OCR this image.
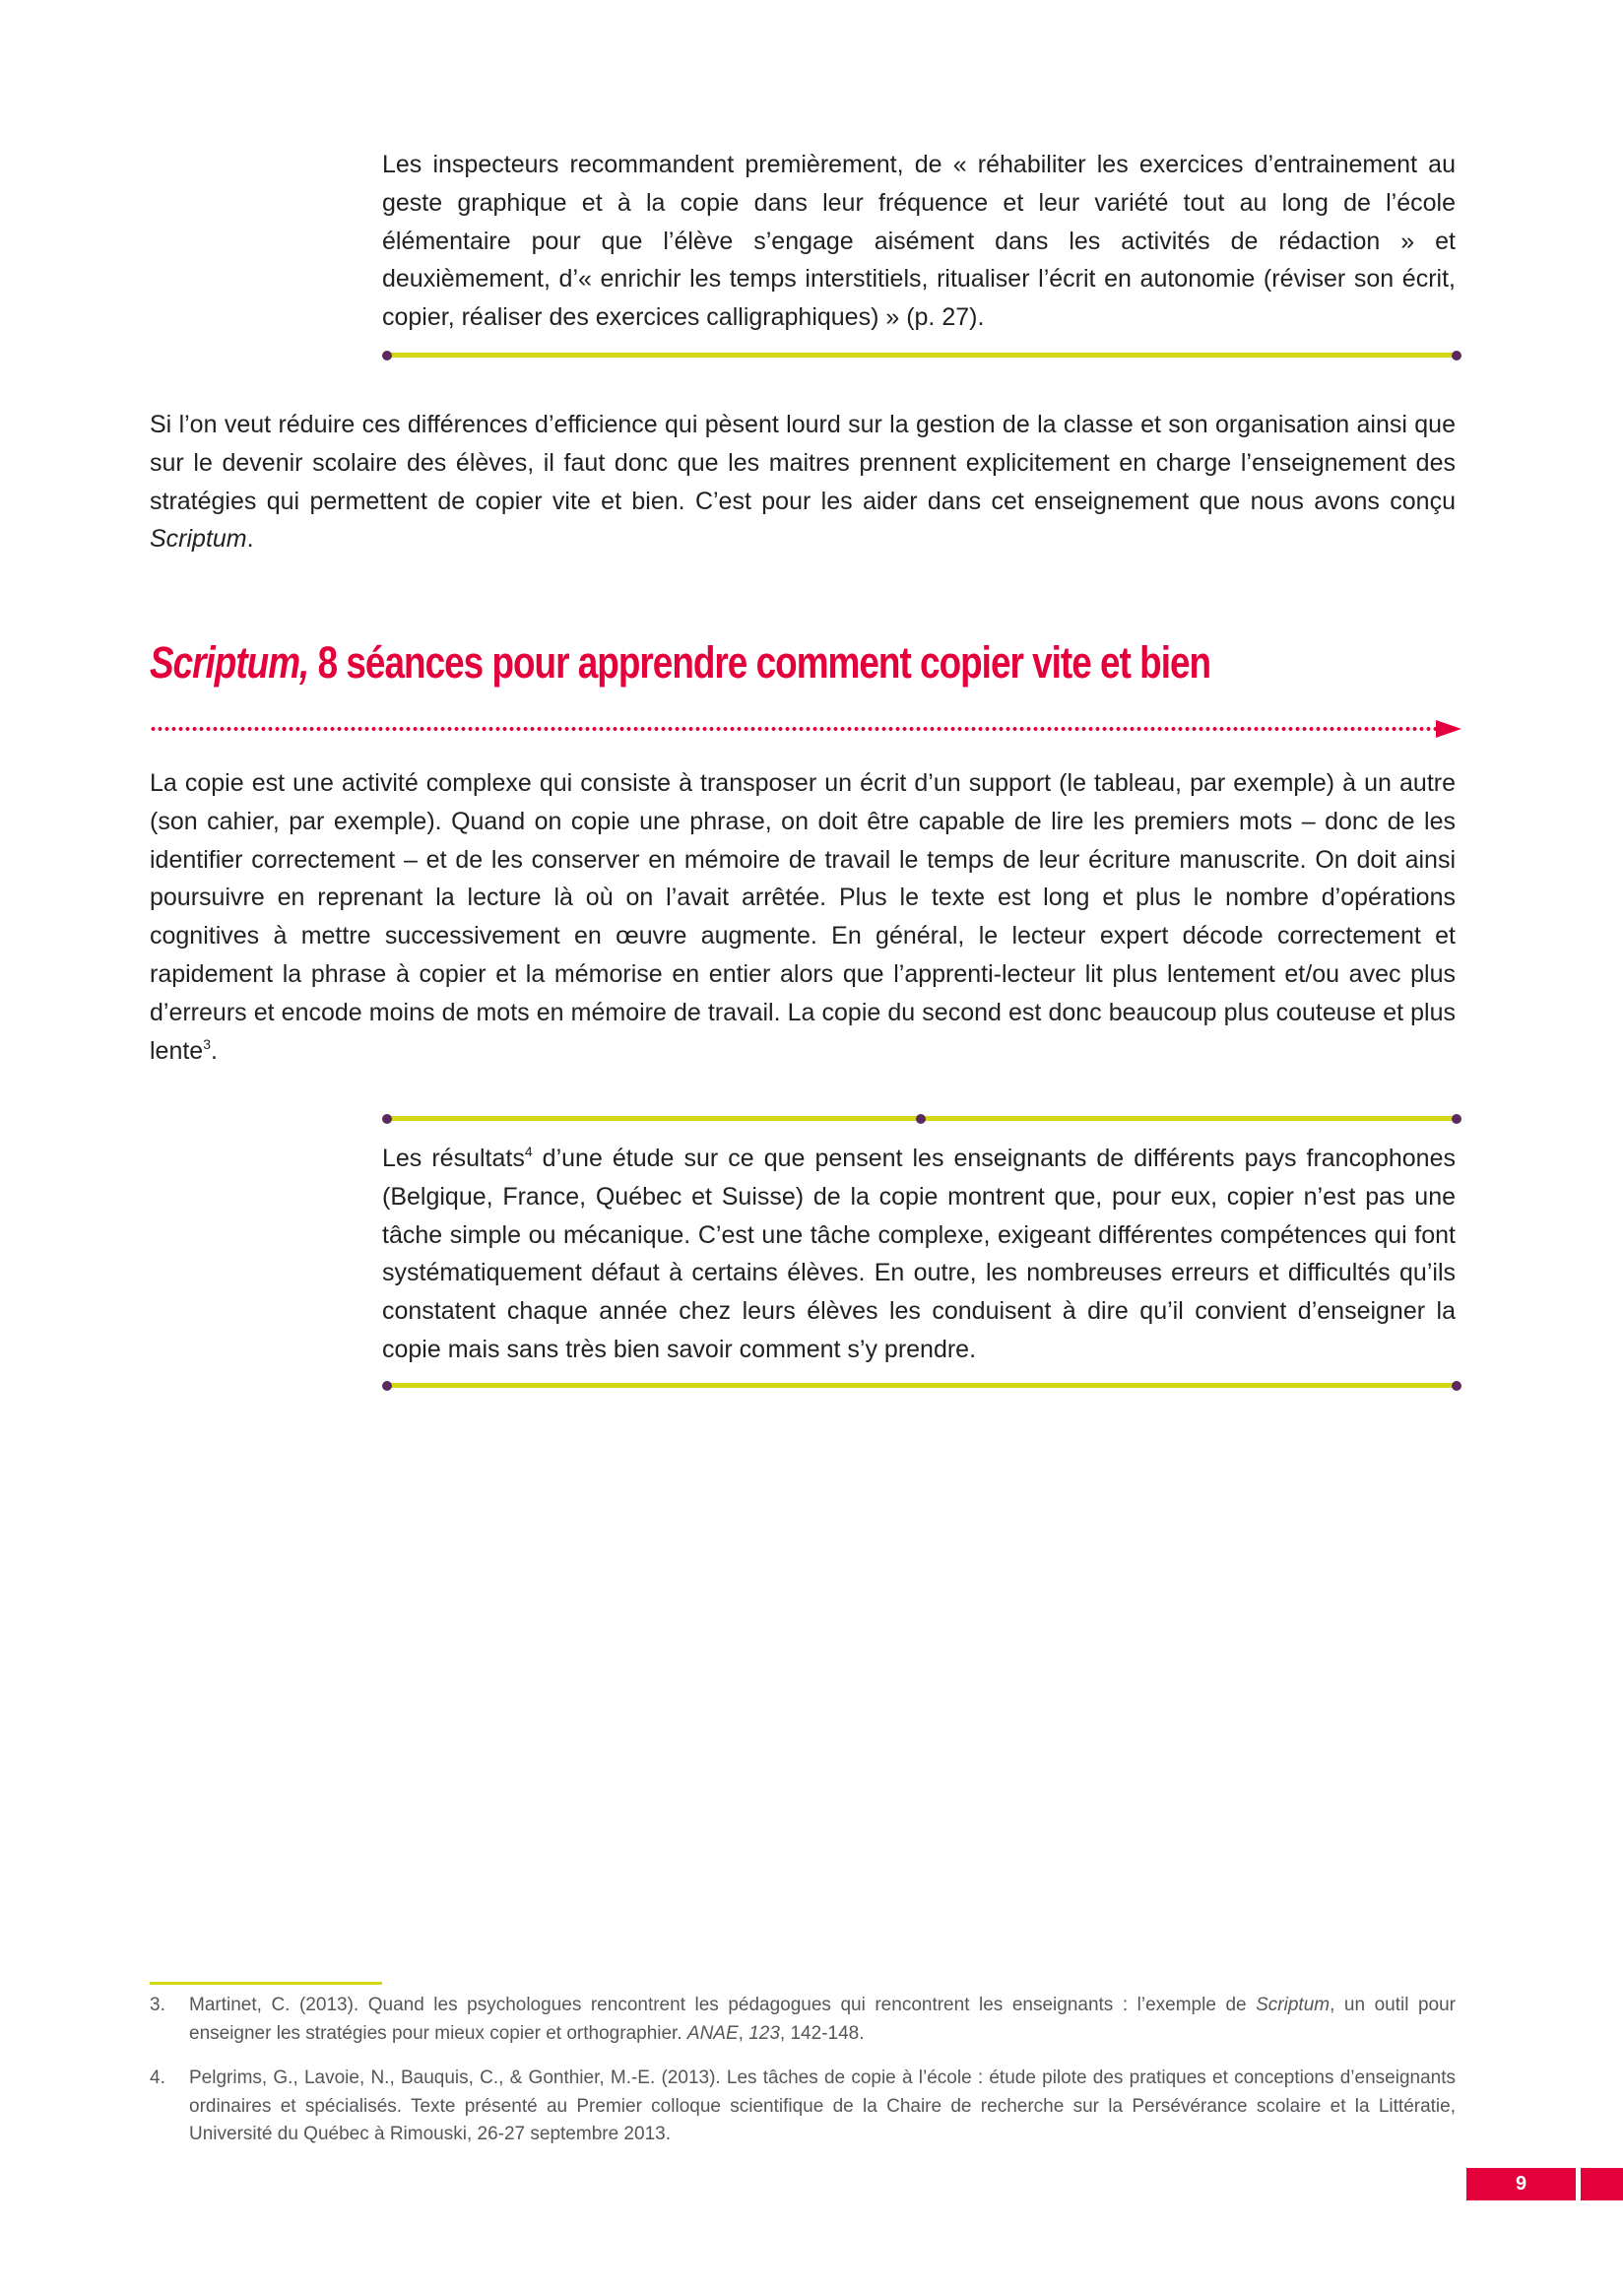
Les inspecteurs recommandent premièrement, de « réhabiliter les exercices d’entrainement au geste graphique et à la copie dans leur fréquence et leur variété tout au long de l’école élémentaire pour que l’élève s’engage aisément dans les activités de rédaction » et deuxièmement, d’« enrichir les temps interstitiels, ritualiser l’écrit en autonomie (réviser son écrit, copier, réaliser des exercices calligraphiques) » (p. 27).

Si l’on veut réduire ces différences d’efficience qui pèsent lourd sur la gestion de la classe et son organisation ainsi que sur le devenir scolaire des élèves, il faut donc que les maitres prennent explicitement en charge l’enseignement des stratégies qui permettent de copier vite et bien. C’est pour les aider dans cet enseignement que nous avons conçu Scriptum.

Scriptum, 8 séances pour apprendre comment copier vite et bien

La copie est une activité complexe qui consiste à transposer un écrit d’un support (le tableau, par exemple) à un autre (son cahier, par exemple). Quand on copie une phrase, on doit être capable de lire les premiers mots – donc de les identifier correctement – et de les conserver en mémoire de travail le temps de leur écriture manuscrite. On doit ainsi poursuivre en reprenant la lecture là où on l’avait arrêtée. Plus le texte est long et plus le nombre d’opérations cognitives à mettre successivement en œuvre augmente. En général, le lecteur expert décode correctement et rapidement la phrase à copier et la mémorise en entier alors que l’apprenti-lecteur lit plus lentement et/ou avec plus d’erreurs et encode moins de mots en mémoire de travail. La copie du second est donc beaucoup plus couteuse et plus lente$^3$.

Les résultats$^4$ d’une étude sur ce que pensent les enseignants de différents pays francophones (Belgique, France, Québec et Suisse) de la copie montrent que, pour eux, copier n’est pas une tâche simple ou mécanique. C’est une tâche complexe, exigeant différentes compétences qui font systématiquement défaut à certains élèves. En outre, les nombreuses erreurs et difficultés qu’ils constatent chaque année chez leurs élèves les conduisent à dire qu’il convient d’enseigner la copie mais sans très bien savoir comment s’y prendre.

3. Martinet, C. (2013). Quand les psychologues rencontrent les pédagogues qui rencontrent les enseignants : l’exemple de Scriptum, un outil pour enseigner les stratégies pour mieux copier et orthographier. ANAE, 123, 142-148.
4. Pelgrims, G., Lavoie, N., Bauquis, C., & Gonthier, M.-E. (2013). Les tâches de copie à l’école : étude pilote des pratiques et conceptions d’enseignants ordinaires et spécialisés. Texte présenté au Premier colloque scientifique de la Chaire de recherche sur la Persévérance scolaire et la Littératie, Université du Québec à Rimouski, 26-27 septembre 2013.
9
